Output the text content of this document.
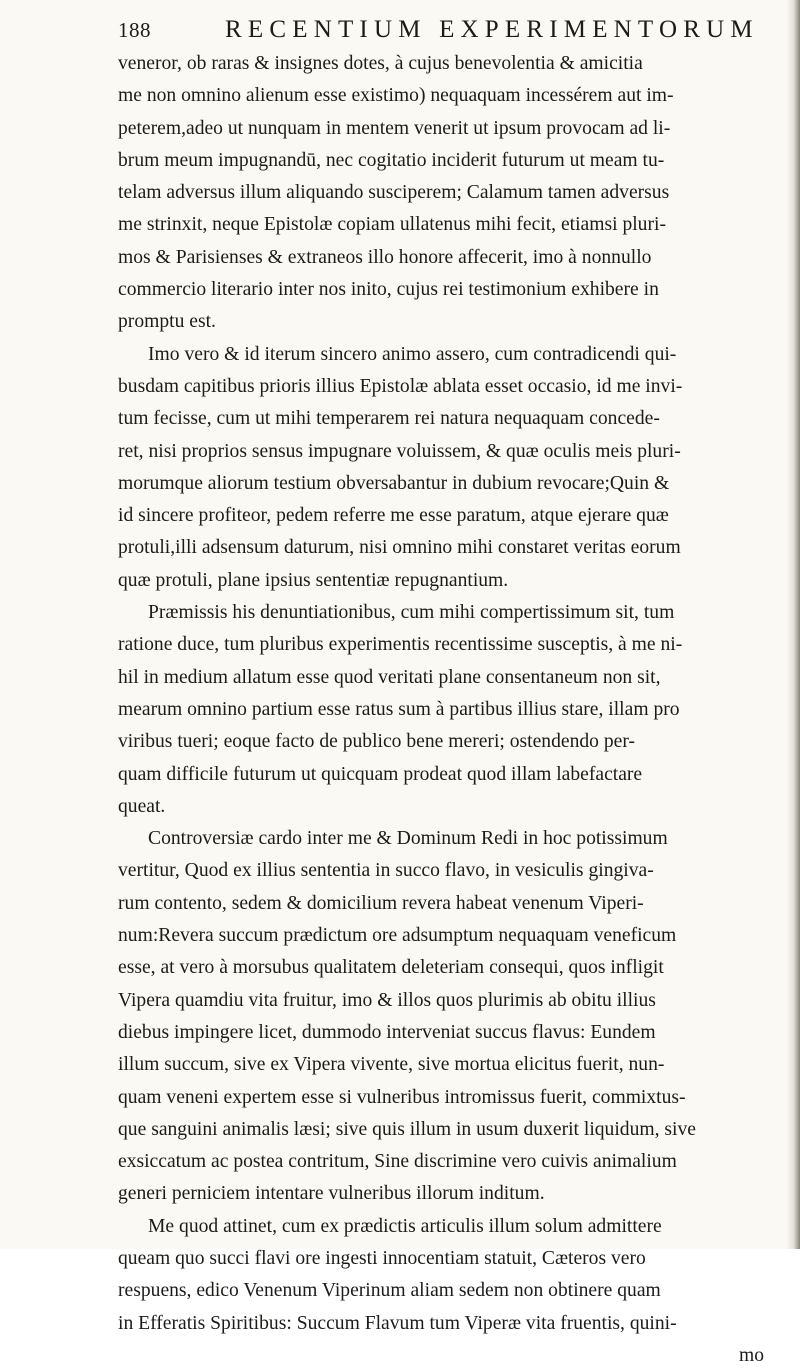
188	RECENTIUM EXPERIMENTORUM
veneror, ob raras & insignes dotes, à cujus benevolentia & amicitia
me non omnino alienum esse existimo) nequaquam incessérem aut im-
peterem,adeo ut nunquam in mentem venerit ut ipsum provocam ad li-
brum meum impugnandū, nec cogitatio inciderit futurum ut meam tu-
telam adversus illum aliquando susciperem; Calamum tamen adversus
me strinxit, neque Epistolæ copiam ullatenus mihi fecit, etiamsi pluri-
mos & Parisienses & extraneos illo honore affecerit, imo à nonnullo
commercio literario inter nos inito, cujus rei testimonium exhibere in
promptu est.
Imo vero & id iterum sincero animo assero, cum contradicendi qui-
busdam capitibus prioris illius Epistolæ ablata esset occasio, id me invi-
tum fecisse, cum ut mihi temperarem rei natura nequaquam concede-
ret, nisi proprios sensus impugnare voluissem, & quæ oculis meis pluri-
morumque aliorum testium obversabantur in dubium revocare;Quin &
id sincere profiteor, pedem referre me esse paratum, atque ejerare quæ
protuli,illi adsensum daturum, nisi omnino mihi constaret veritas eorum
quæ protuli, plane ipsius sententiæ repugnantium.
Præmissis his denuntiationibus, cum mihi compertissimum sit, tum
ratione duce, tum pluribus experimentis recentissime susceptis, à me ni-
hil in medium allatum esse quod veritati plane consentaneum non sit,
mearum omnino partium esse ratus sum à partibus illius stare, illam pro
viribus tueri; eoque facto de publico bene mereri; ostendendo per-
quam difficile futurum ut quicquam prodeat quod illam labefactare
queat.
Controversiæ cardo inter me & Dominum Redi in hoc potissimum
vertitur, Quod ex illius sententia in succo flavo, in vesiculis gingiva-
rum contento, sedem & domicilium revera habeat venenum Viperi-
num:Revera succum prædictum ore adsumptum nequaquam veneficum
esse, at vero à morsubus qualitatem deleteriam consequi, quos infligit
Vipera quamdiu vita fruitur, imo & illos quos plurimis ab obitu illius
diebus impingere licet, dummodo interveniat succus flavus: Eundem
illum succum, sive ex Vipera vivente, sive mortua elicitus fuerit, nun-
quam veneni expertem esse si vulneribus intromissus fuerit, commixtus-
que sanguini animalis læsi; sive quis illum in usum duxerit liquidum, sive
exsiccatum ac postea contritum, Sine discrimine vero cuivis animalium
generi perniciem intentare vulneribus illorum inditum.
Me quod attinet, cum ex prædictis articulis illum solum admittere
queam quo succi flavi ore ingesti innocentiam statuit, Cæteros vero
respuens, edico Venenum Viperinum aliam sedem non obtinere quam
in Efferatis Spiritibus: Succum Flavum tum Viperæ vita fruentis, quini-
mo
